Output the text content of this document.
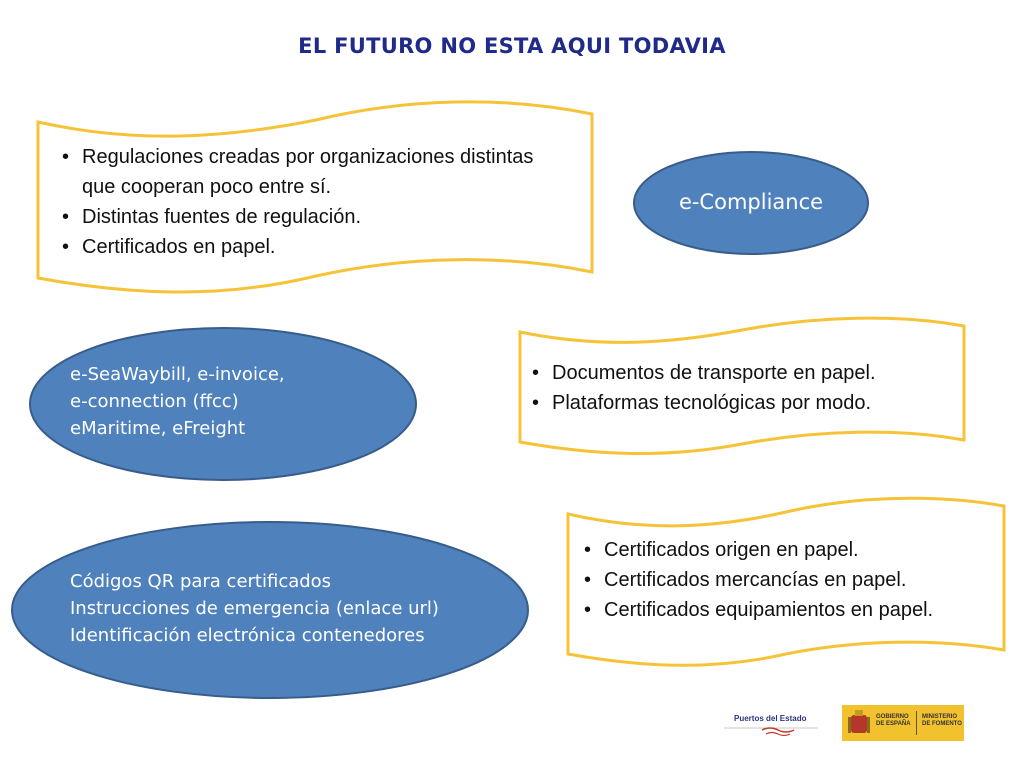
EL FUTURO NO ESTA AQUI TODAVIA
• Regulaciones creadas por organizaciones distintas que cooperan poco entre sí.
• Distintas fuentes de regulación.
• Certificados en papel.
e-Compliance
e-SeaWaybill, e-invoice,
e-connection (ffcc)
eMaritime, eFreight
• Documentos de transporte en papel.
• Plataformas tecnológicas por modo.
Códigos QR para certificados
Instrucciones de emergencia (enlace url)
Identificación electrónica contenedores
• Certificados origen en papel.
• Certificados mercancías en papel.
• Certificados equipamientos en papel.
Puertos del Estado	GOBIERNO
DE ESPAÑA
MINISTERIO
DE FOMENTO
